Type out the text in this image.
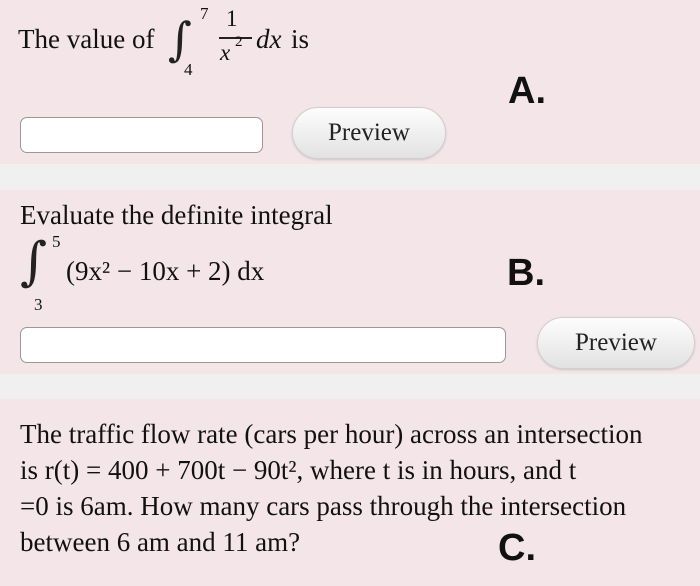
The value of ∫ 7
4
1
x 2 dx is
A.
Preview
Evaluate the definite integral
∫ 5
3
(9x² − 10x + 2) dx	B.
Preview
The traffic flow rate (cars per hour) across an intersection
is r(t) = 400 + 700t − 90t², where t is in hours, and t
=0 is 6am. How many cars pass through the intersection
between 6 am and 11 am?	C.
